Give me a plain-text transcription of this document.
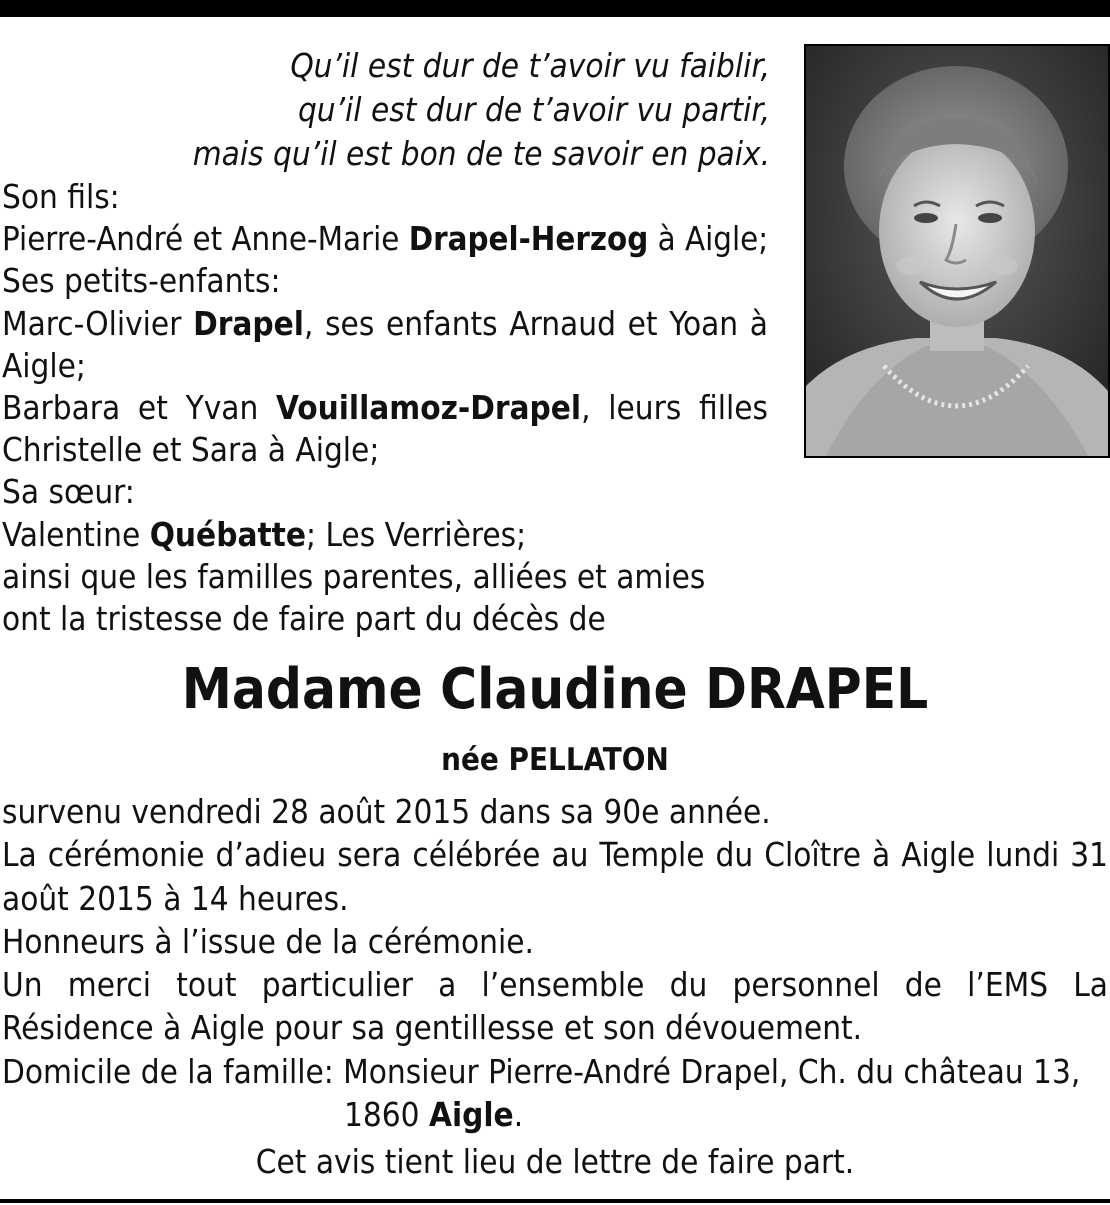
Qu’il est dur de t’avoir vu faiblir,
qu’il est dur de t’avoir vu partir,
mais qu’il est bon de te savoir en paix.

Son fils:

Pierre-André et Anne-Marie Drapel-Herzog à Aigle;

Ses petits-enfants:

Marc-Olivier Drapel, ses enfants Arnaud et Yoan à Aigle;

Barbara et Yvan Vouillamoz-Drapel, leurs filles Christelle et Sara à Aigle;

Sa sœur:

Valentine Québatte; Les Verrières;

ainsi que les familles parentes, alliées et amies

ont la tristesse de faire part du décès de

Madame Claudine DRAPEL
née PELLATON

survenu vendredi 28 août 2015 dans sa 90e année.

La cérémonie d’adieu sera célébrée au Temple du Cloître à Aigle lundi 31 août 2015 à 14 heures.

Honneurs à l’issue de la cérémonie.

Un merci tout particulier a l’ensemble du personnel de l’EMS La Résidence à Aigle pour sa gentillesse et son dévouement.

Domicile de la famille: Monsieur Pierre-André Drapel, Ch. du château 13,

1860 Aigle.

Cet avis tient lieu de lettre de faire part.
